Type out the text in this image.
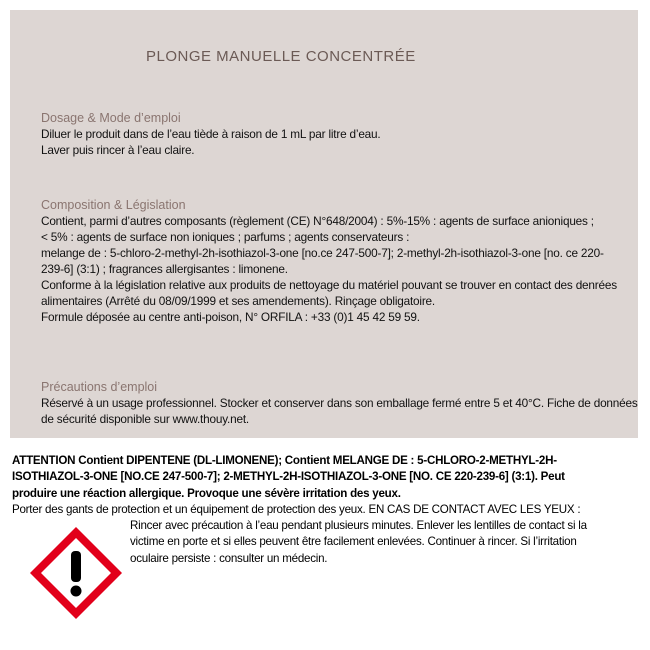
PLONGE MANUELLE CONCENTRÉE
Dosage & Mode d’emploi

Diluer le produit dans de l’eau tiède à raison de 1 mL par litre d’eau.

Laver puis rincer à l’eau claire.

Composition & Législation

Contient, parmi d’autres composants (règlement (CE) N°648/2004) : 5%-15% : agents de surface anioniques ;

< 5% : agents de surface non ioniques ; parfums ; agents conservateurs :

melange de : 5-chloro-2-methyl-2h-isothiazol-3-one [no.ce 247-500-7]; 2-methyl-2h-isothiazol-3-one [no. ce 220-

239-6] (3:1) ; fragrances allergisantes : limonene.

Conforme à la législation relative aux produits de nettoyage du matériel pouvant se trouver en contact des denrées

alimentaires (Arrêté du 08/09/1999 et ses amendements). Rinçage obligatoire.

Formule déposée au centre anti-poison, N° ORFILA : +33 (0)1 45 42 59 59.

Précautions d’emploi

Réservé à un usage professionnel. Stocker et conserver dans son emballage fermé entre 5 et 40°C. Fiche de données

de sécurité disponible sur www.thouy.net.

ATTENTION Contient DIPENTENE (DL-LIMONENE); Contient MELANGE DE : 5-CHLORO-2-METHYL-2H-

ISOTHIAZOL-3-ONE [NO.CE 247-500-7]; 2-METHYL-2H-ISOTHIAZOL-3-ONE [NO. CE 220-239-6] (3:1). Peut

produire une réaction allergique. Provoque une sévère irritation des yeux.

Porter des gants de protection et un équipement de protection des yeux. EN CAS DE CONTACT AVEC LES YEUX :

Rincer avec précaution à l’eau pendant plusieurs minutes. Enlever les lentilles de contact si la

victime en porte et si elles peuvent être facilement enlevées. Continuer à rincer. Si l’irritation

oculaire persiste : consulter un médecin.
